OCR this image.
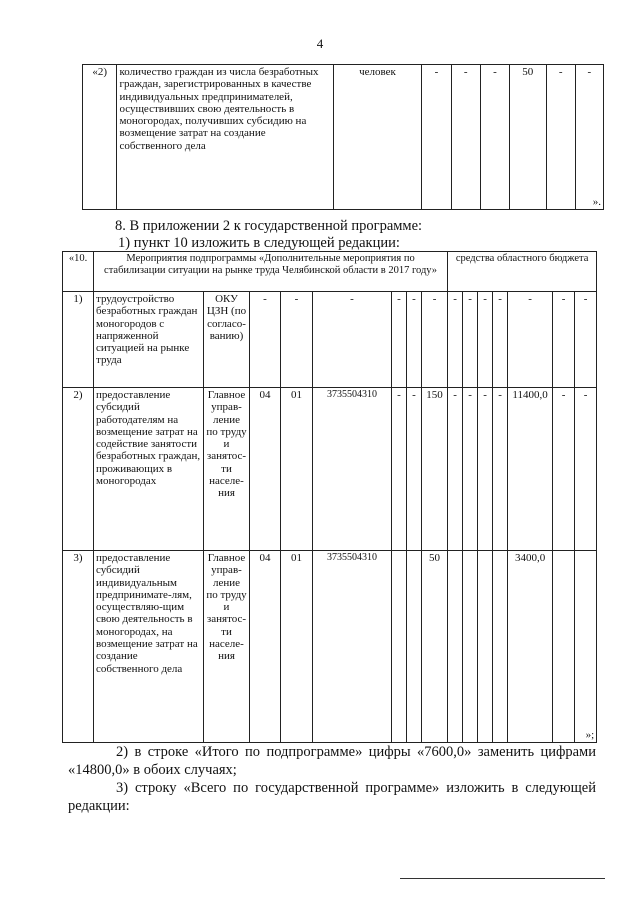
4
«2)	количество граждан из числа безработных граждан, зарегистрированных в качестве индивидуальных предпринимателей, осуществивших свою деятельность в моногородах, получивших субсидию на возмещение затрат на создание собственного дела	человек	-	-	-	50	-	-
».
8. В приложении 2 к государственной программе:
1) пункт 10 изложить в следующей редакции:
«10.	Мероприятия подпрограммы «Дополнительные мероприятия по стабилизации ситуации на рынке труда Челябинской области в 2017 году»								средства областного бюджета						
1)	трудоустройство безработных граждан моногородов с напряженной ситуацией на рынке труда	ОКУ ЦЗН (по согласо-ванию)	-	-	-	-	-	-	-	-	-	-	-	-	-
2)	предоставление субсидий работодателям на возмещение затрат на содействие занятости безработных граждан, проживающих в моногородах	Главное управ-ление по труду и занятос-ти населе-ния	04	01	3735504310	-	-	150	-	-	-	-	11400,0	-	-
3)	предоставление субсидий индивидуальным предпринимате-лям, осуществляю-щим свою деятельность в моногородах, на возмещение затрат на создание собственного дела	Главное управ-ление по труду и занятос-ти населе-ния	04	01	3735504310			50					3400,0		»;
2) в строке «Итого по подпрограмме» цифры «7600,0» заменить цифрами «14800,0» в обоих случаях;
3) строку «Всего по государственной программе» изложить в следующей редакции:
